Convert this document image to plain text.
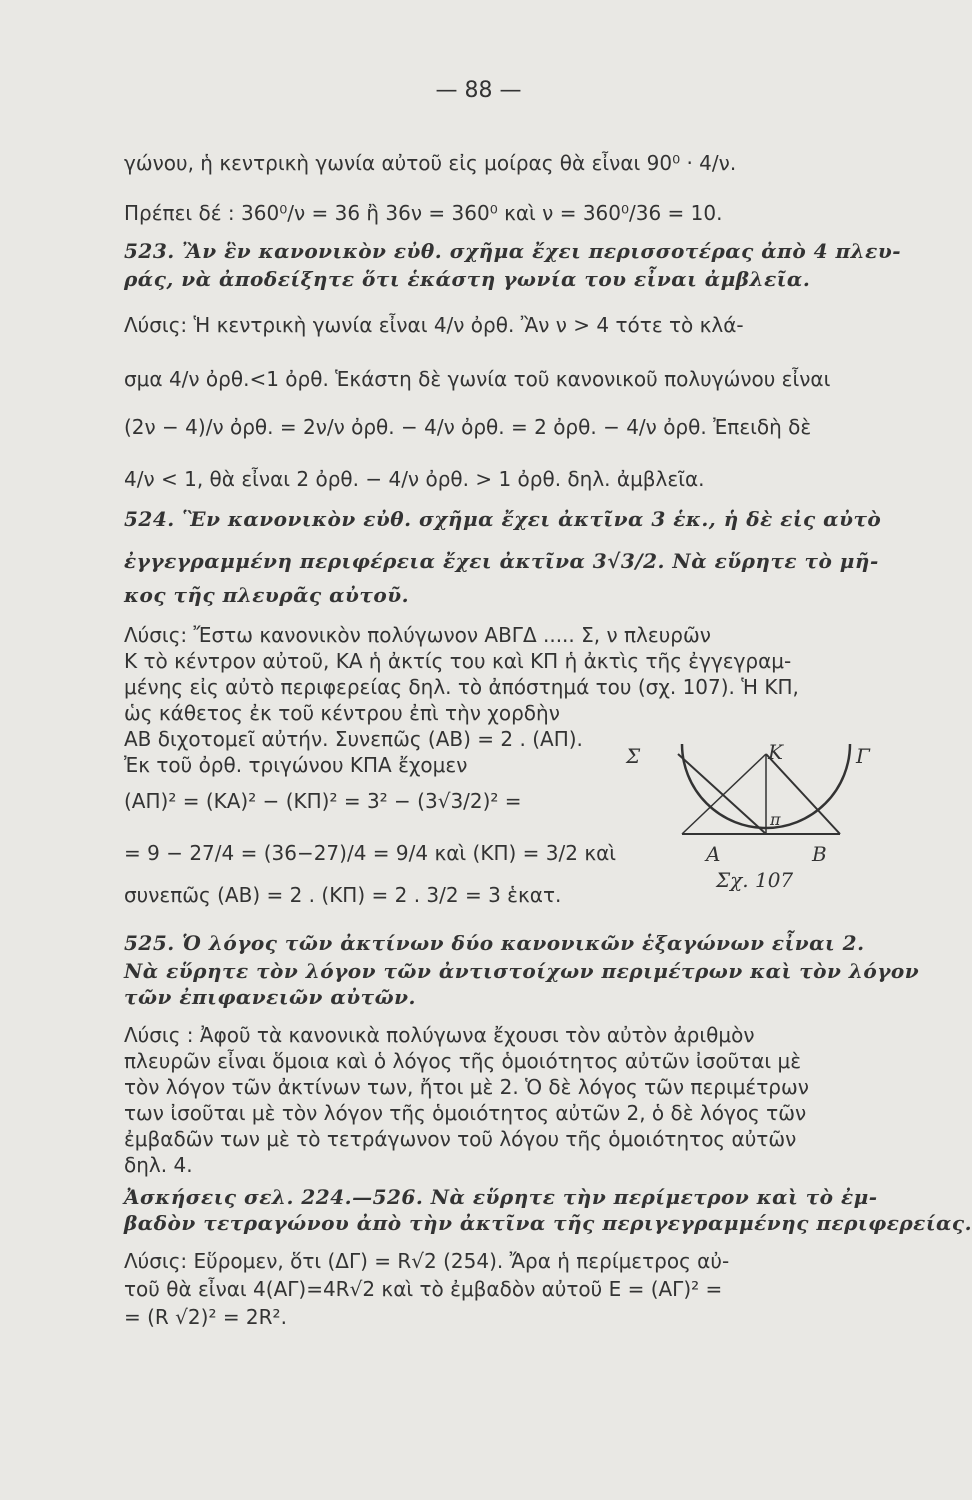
— 88 —
γώνου, ἡ κεντρικὴ γωνία αὐτοῦ εἰς μοίρας θὰ εἶναι 90⁰ · 4/ν.
Πρέπει δέ : 360⁰/ν = 36 ἢ 36ν = 360⁰ καὶ ν = 360⁰/36 = 10.
523. Ἂν ἓν κανονικὸν εὐθ. σχῆμα ἔχει περισσοτέρας ἀπὸ 4 πλευ-
ράς, νὰ ἀποδείξητε ὅτι ἑκάστη γωνία του εἶναι ἀμβλεῖα.
Λύσις: Ἡ κεντρικὴ γωνία εἶναι 4/ν ὀρθ. Ἂν ν > 4 τότε τὸ κλά-
σμα 4/ν ὀρθ.<1 ὀρθ. Ἑκάστη δὲ γωνία τοῦ κανονικοῦ πολυγώνου εἶναι
(2ν − 4)/ν ὀρθ. = 2ν/ν ὀρθ. − 4/ν ὀρθ. = 2 ὀρθ. − 4/ν ὀρθ. Ἐπειδὴ δὲ
4/ν < 1, θὰ εἶναι 2 ὀρθ. − 4/ν ὀρθ. > 1 ὀρθ. δηλ. ἀμβλεῖα.
524. Ἓν κανονικὸν εὐθ. σχῆμα ἔχει ἀκτῖνα 3 ἑκ., ἡ δὲ εἰς αὐτὸ
ἐγγεγραμμένη περιφέρεια ἔχει ἀκτῖνα 3√3/2. Νὰ εὕρητε τὸ μῆ-
κος τῆς πλευρᾶς αὐτοῦ.
Λύσις: Ἔστω κανονικὸν πολύγωνον ΑΒΓΔ ..... Σ, ν πλευρῶν
Κ τὸ κέντρον αὐτοῦ, ΚΑ ἡ ἀκτίς του καὶ ΚΠ ἡ ἀκτὶς τῆς ἐγγεγραμ-
μένης εἰς αὐτὸ περιφερείας δηλ. τὸ ἀπόστημά του (σχ. 107). Ἡ ΚΠ,
ὡς κάθετος ἐκ τοῦ κέντρου ἐπὶ τὴν χορδὴν
ΑΒ διχοτομεῖ αὐτήν. Συνεπῶς (ΑΒ) = 2 . (ΑΠ).
Ἐκ τοῦ ὀρθ. τριγώνου ΚΠΑ ἔχομεν
(ΑΠ)² = (ΚΑ)² − (ΚΠ)² = 3² − (3√3/2)² =
= 9 − 27/4 = (36−27)/4 = 9/4 καὶ (ΚΠ) = 3/2 καὶ
συνεπῶς (ΑΒ) = 2 . (ΚΠ) = 2 . 3/2 = 3 ἑκατ.
525. Ὁ λόγος τῶν ἀκτίνων δύο κανονικῶν ἑξαγώνων εἶναι 2.
Νὰ εὕρητε τὸν λόγον τῶν ἀντιστοίχων περιμέτρων καὶ τὸν λόγον
τῶν ἐπιφανειῶν αὐτῶν.
Λύσις : Ἀφοῦ τὰ κανονικὰ πολύγωνα ἔχουσι τὸν αὐτὸν ἀριθμὸν
πλευρῶν εἶναι ὅμοια καὶ ὁ λόγος τῆς ὁμοιότητος αὐτῶν ἰσοῦται μὲ
τὸν λόγον τῶν ἀκτίνων των, ἤτοι μὲ 2. Ὁ δὲ λόγος τῶν περιμέτρων
των ἰσοῦται μὲ τὸν λόγον τῆς ὁμοιότητος αὐτῶν 2, ὁ δὲ λόγος τῶν
ἐμβαδῶν των μὲ τὸ τετράγωνον τοῦ λόγου τῆς ὁμοιότητος αὐτῶν
δηλ. 4.
Ἀσκήσεις σελ. 224.—526. Νὰ εὕρητε τὴν περίμετρον καὶ τὸ ἐμ-
βαδὸν τετραγώνου ἀπὸ τὴν ἀκτῖνα τῆς περιγεγραμμένης περιφερείας.
Λύσις: Εὕρομεν, ὅτι (ΔΓ) = R√2 (254). Ἄρα ἡ περίμετρος αὐ-
τοῦ θὰ εἶναι 4(ΑΓ)=4R√2 καὶ τὸ ἐμβαδὸν αὐτοῦ Ε = (ΑΓ)² =
= (R √2)² = 2R².
Σ	K	Γ
π
A	B
Σχ. 107
